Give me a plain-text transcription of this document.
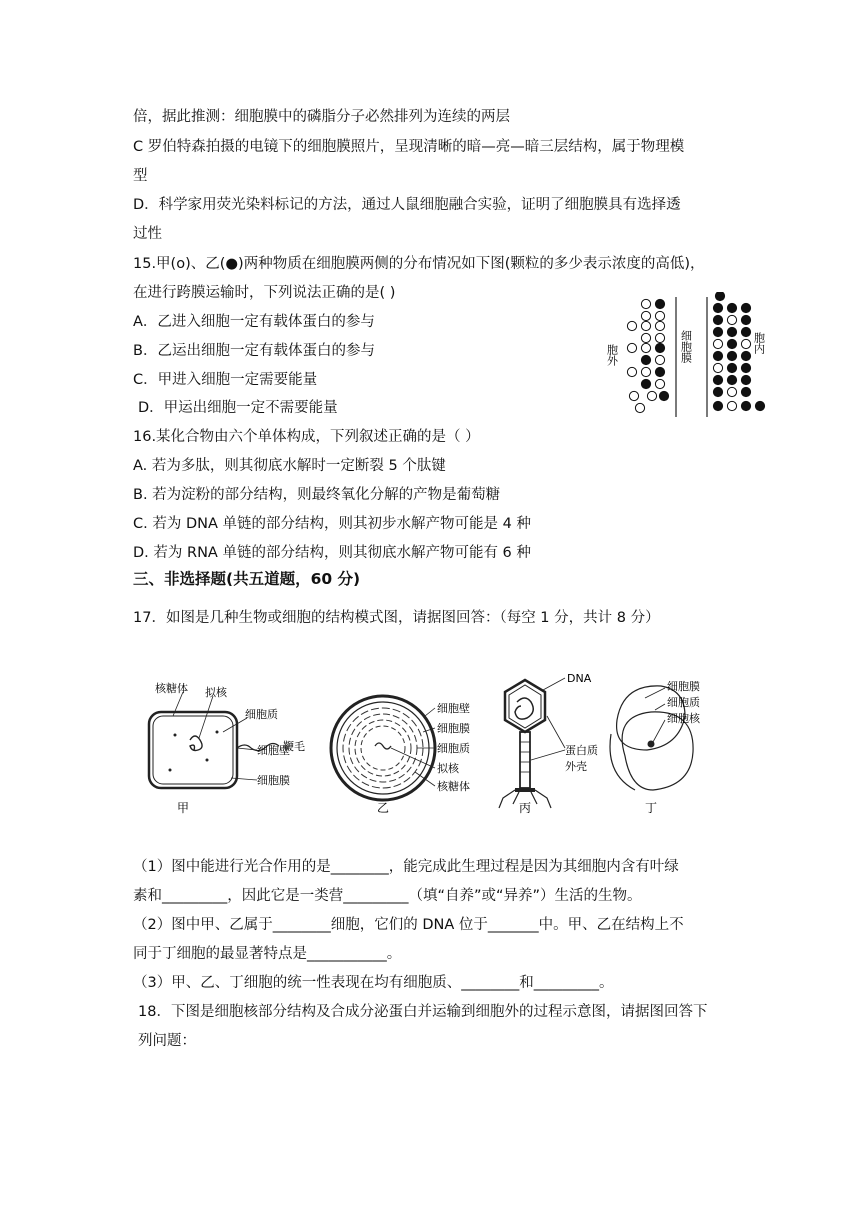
倍，据此推测：细胞膜中的磷脂分子必然排列为连续的两层
C 罗伯特森拍摄的电镜下的细胞膜照片，呈现清晰的暗—亮—暗三层结构，属于物理模
型
D．科学家用荧光染料标记的方法，通过人鼠细胞融合实验，证明了细胞膜具有选择透
过性
15.甲(o)、乙(●)两种物质在细胞膜两侧的分布情况如下图(颗粒的多少表示浓度的高低)，
在进行跨膜运输时，下列说法正确的是( )
A．乙进入细胞一定有载体蛋白的参与
B．乙运出细胞一定有载体蛋白的参与
C．甲进入细胞一定需要能量
D．甲运出细胞一定不需要能量
16.某化合物由六个单体构成，下列叙述正确的是（ ）
A. 若为多肽，则其彻底水解时一定断裂 5 个肽键
B. 若为淀粉的部分结构，则最终氧化分解的产物是葡萄糖
C. 若为 DNA 单链的部分结构，则其初步水解产物可能是 4 种
D. 若为 RNA 单链的部分结构，则其彻底水解产物可能有 6 种
三、非选择题(共五道题，60 分)
17．如图是几种生物或细胞的结构模式图，请据图回答：（每空 1 分，共计 8 分）
（1）图中能进行光合作用的是________，能完成此生理过程是因为其细胞内含有叶绿
素和_________，因此它是一类营_________（填“自养”或“异养”）生活的生物。
（2）图中甲、乙属于________细胞，它们的 DNA 位于_______中。甲、乙在结构上不
同于丁细胞的最显著特点是___________。
（3）甲、乙、丁细胞的统一性表现在均有细胞质、________和_________。
18．下图是细胞核部分结构及合成分泌蛋白并运输到细胞外的过程示意图，请据图回答下
列问题：
胞外	细胞膜	胞内
核糖体 拟核
细胞质
鞭毛
细胞壁
细胞膜
甲
细胞壁
细胞膜
细胞质
拟核
核糖体
乙
DNA
蛋白质
外壳
丙
细胞膜
细胞质
细胞核
丁
